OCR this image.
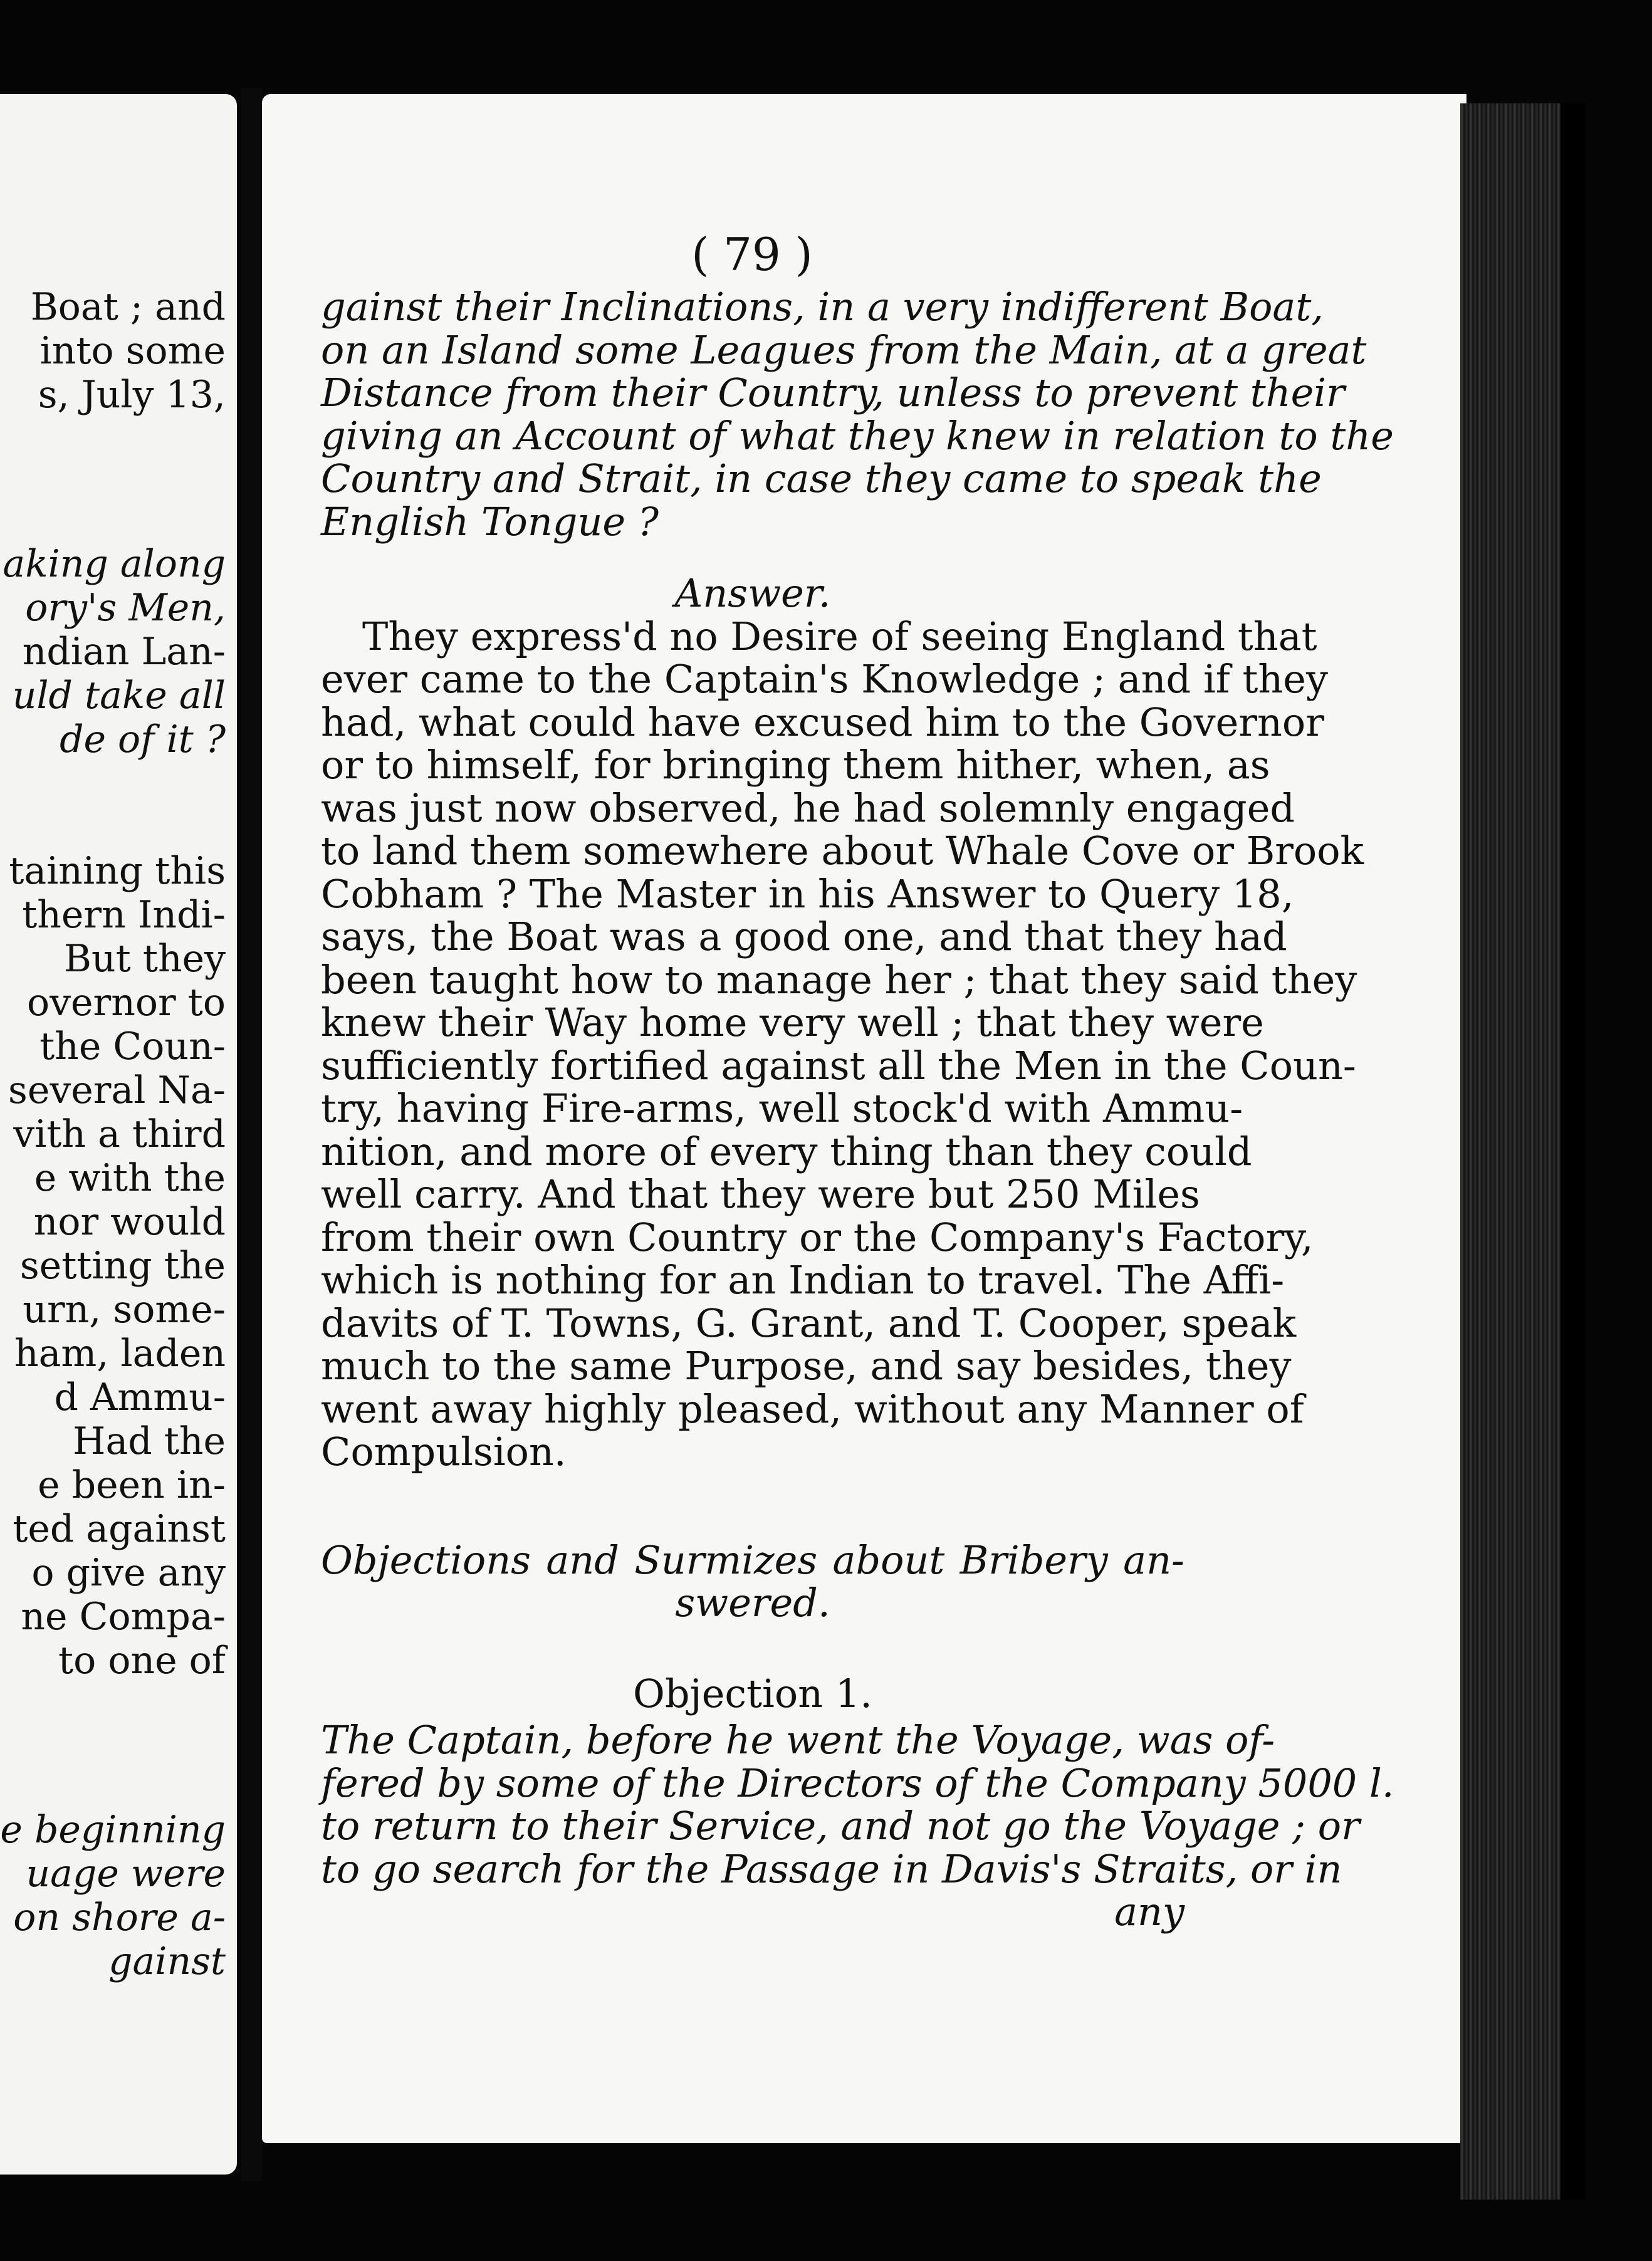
Boat ; and
into some
s, July 13,
aking along
ory's Men,
ndian Lan-
uld take all
de of it ?
taining this
thern Indi-
But they
overnor to
the Coun-
several Na-
vith a third
e with the
nor would
setting the
urn, some-
ham, laden
d Ammu-
Had the
e been in-
ted against
o give any
ne Compa-
to one of
e beginning
uage were
on shore a-
gainst
( 79 )
gainst their Inclinations, in a very indifferent Boat,
on an Island some Leagues from the Main, at a great
Distance from their Country, unless to prevent their
giving an Account of what they knew in relation to the
Country and Strait, in case they came to speak the
English Tongue ?
Answer.
They express'd no Desire of seeing England that
ever came to the Captain's Knowledge ; and if they
had, what could have excused him to the Governor
or to himself, for bringing them hither, when, as
was just now observed, he had solemnly engaged
to land them somewhere about Whale Cove or Brook
Cobham ? The Master in his Answer to Query 18,
says, the Boat was a good one, and that they had
been taught how to manage her ; that they said they
knew their Way home very well ; that they were
sufficiently fortified against all the Men in the Coun-
try, having Fire-arms, well stock'd with Ammu-
nition, and more of every thing than they could
well carry. And that they were but 250 Miles
from their own Country or the Company's Factory,
which is nothing for an Indian to travel. The Affi-
davits of T. Towns, G. Grant, and T. Cooper, speak
much to the same Purpose, and say besides, they
went away highly pleased, without any Manner of
Compulsion.
Objections and Surmizes about Bribery an-
swered.
Objection 1.
The Captain, before he went the Voyage, was of-
fered by some of the Directors of the Company 5000 l.
to return to their Service, and not go the Voyage ; or
to go search for the Passage in Davis's Straits, or in
any
